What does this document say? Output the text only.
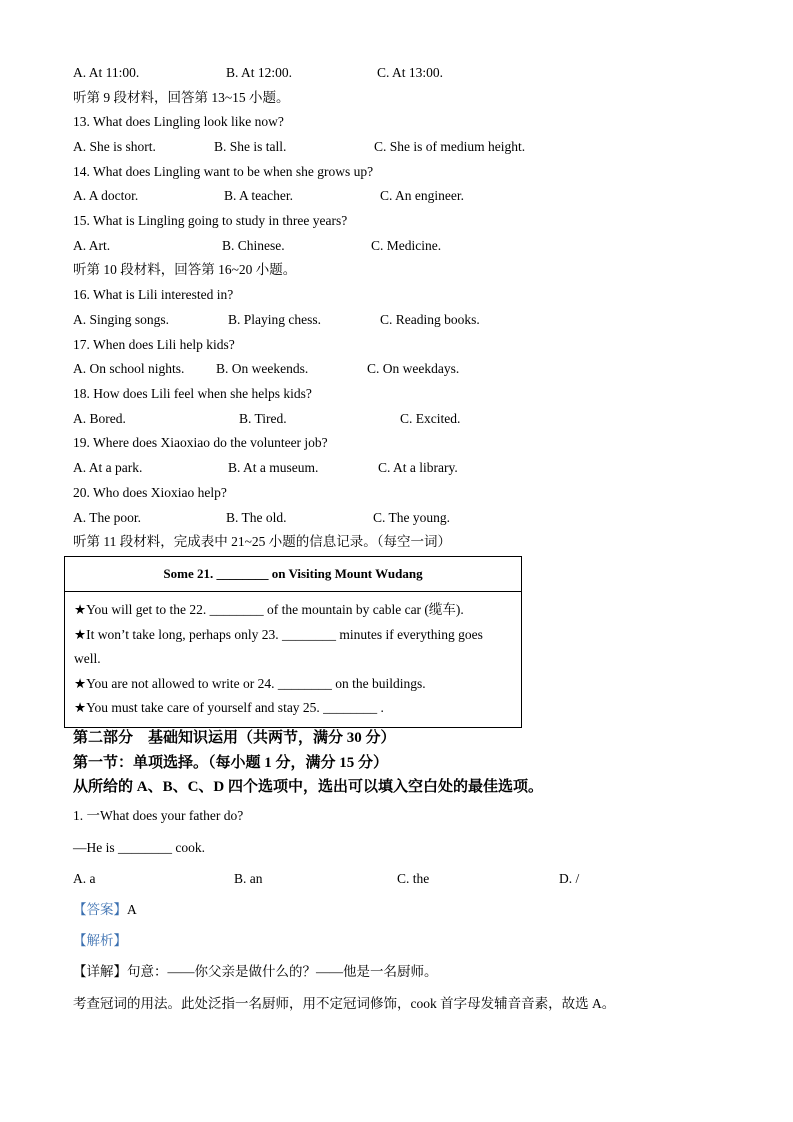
A. At 11:00.	B. At 12:00.	C. At 13:00.
听第 9 段材料，回答第 13~15 小题。
13. What does Lingling look like now?
A. She is short.	B. She is tall.	C. She is of medium height.
14. What does Lingling want to be when she grows up?
A. A doctor.	B. A teacher.	C. An engineer.
15. What is Lingling going to study in three years?
A. Art.	B. Chinese.	C. Medicine.
听第 10 段材料，回答第 16~20 小题。
16. What is Lili interested in?
A. Singing songs.	B. Playing chess.	C. Reading books.
17. When does Lili help kids?
A. On school nights. B. On weekends.	C. On weekdays.
18. How does Lili feel when she helps kids?
A. Bored.	B. Tired.	C. Excited.
19. Where does Xiaoxiao do the volunteer job?
A. At a park.	B. At a museum.	C. At a library.
20. Who does Xioxiao help?
A. The poor.	B. The old.	C. The young.
听第 11 段材料，完成表中 21~25 小题的信息记录。（每空一词）
Some 21. ________ on Visiting Mount Wudang

★You will get to the 22. ________ of the mountain by cable car (缆车).
★It won’t take long, perhaps only 23. ________ minutes if everything goes
well.
★You are not allowed to write or 24. ________ on the buildings.
★You must take care of yourself and stay 25. ________ .
第二部分　基础知识运用（共两节，满分 30 分）
第一节：单项选择。（每小题 1 分，满分 15 分）
从所给的 A、B、C、D 四个选项中，选出可以填入空白处的最佳选项。
1. 一What does your father do?
—He is ________ cook.
A. a	B. an	C. the	D. /
【答案】A
【解析】
【详解】句意：——你父亲是做什么的？——他是一名厨师。
考查冠词的用法。此处泛指一名厨师，用不定冠词修饰，cook 首字母发辅音音素，故选 A。
